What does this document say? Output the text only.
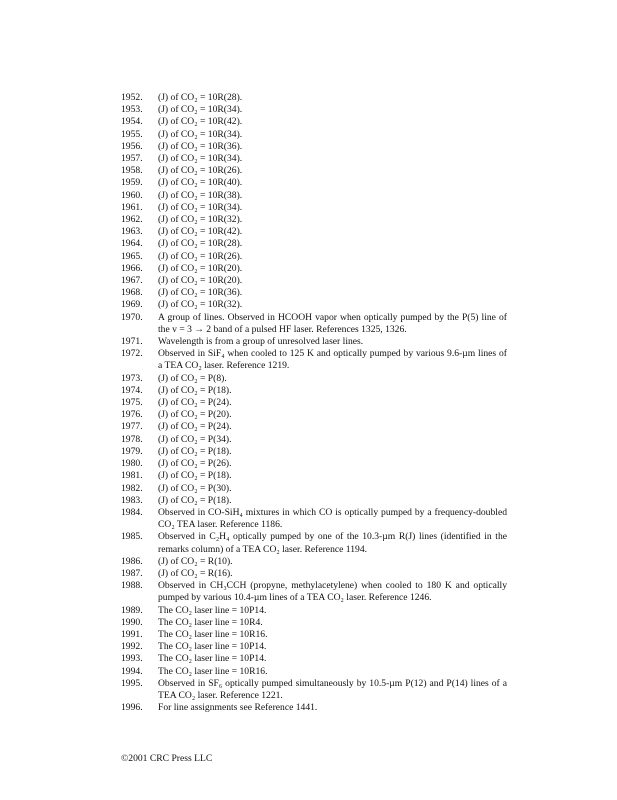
1952.	(J) of CO₂ = 10R(28).
1953.	(J) of CO₂ = 10R(34).
1954.	(J) of CO₂ = 10R(42).
1955.	(J) of CO₂ = 10R(34).
1956.	(J) of CO₂ = 10R(36).
1957.	(J) of CO₂ = 10R(34).
1958.	(J) of CO₂ = 10R(26).
1959.	(J) of CO₂ = 10R(40).
1960.	(J) of CO₂ = 10R(38).
1961.	(J) of CO₂ = 10R(34).
1962.	(J) of CO₂ = 10R(32).
1963.	(J) of CO₂ = 10R(42).
1964.	(J) of CO₂ = 10R(28).
1965.	(J) of CO₂ = 10R(26).
1966.	(J) of CO₂ = 10R(20).
1967.	(J) of CO₂ = 10R(20).
1968.	(J) of CO₂ = 10R(36).
1969.	(J) of CO₂ = 10R(32).
1970.	A group of lines. Observed in HCOOH vapor when optically pumped by the P(5) line of the v = 3 → 2 band of a pulsed HF laser. References 1325, 1326.
1971.	Wavelength is from a group of unresolved laser lines.
1972.	Observed in SiF₄ when cooled to 125 K and optically pumped by various 9.6-µm lines of a TEA CO₂ laser. Reference 1219.
1973.	(J) of CO₂ = P(8).
1974.	(J) of CO₂ = P(18).
1975.	(J) of CO₂ = P(24).
1976.	(J) of CO₂ = P(20).
1977.	(J) of CO₂ = P(24).
1978.	(J) of CO₂ = P(34).
1979.	(J) of CO₂ = P(18).
1980.	(J) of CO₂ = P(26).
1981.	(J) of CO₂ = P(18).
1982.	(J) of CO₂ = P(30).
1983.	(J) of CO₂ = P(18).
1984.	Observed in CO-SiH₄ mixtures in which CO is optically pumped by a frequency-doubled CO₂ TEA laser. Reference 1186.
1985.	Observed in C₂H₄ optically pumped by one of the 10.3-µm R(J) lines (identified in the remarks column) of a TEA CO₂ laser. Reference 1194.
1986.	(J) of CO₂ = R(10).
1987.	(J) of CO₂ = R(16).
1988.	Observed in CH₃CCH (propyne, methylacetylene) when cooled to 180 K and optically pumped by various 10.4-µm lines of a TEA CO₂ laser. Reference 1246.
1989.	The CO₂ laser line = 10P14.
1990.	The CO₂ laser line = 10R4.
1991.	The CO₂ laser line = 10R16.
1992.	The CO₂ laser line = 10P14.
1993.	The CO₂ laser line = 10P14.
1994.	The CO₂ laser line = 10R16.
1995.	Observed in SF₆ optically pumped simultaneously by 10.5-µm P(12) and P(14) lines of a TEA CO₂ laser. Reference 1221.
1996.	For line assignments see Reference 1441.
©2001 CRC Press LLC
